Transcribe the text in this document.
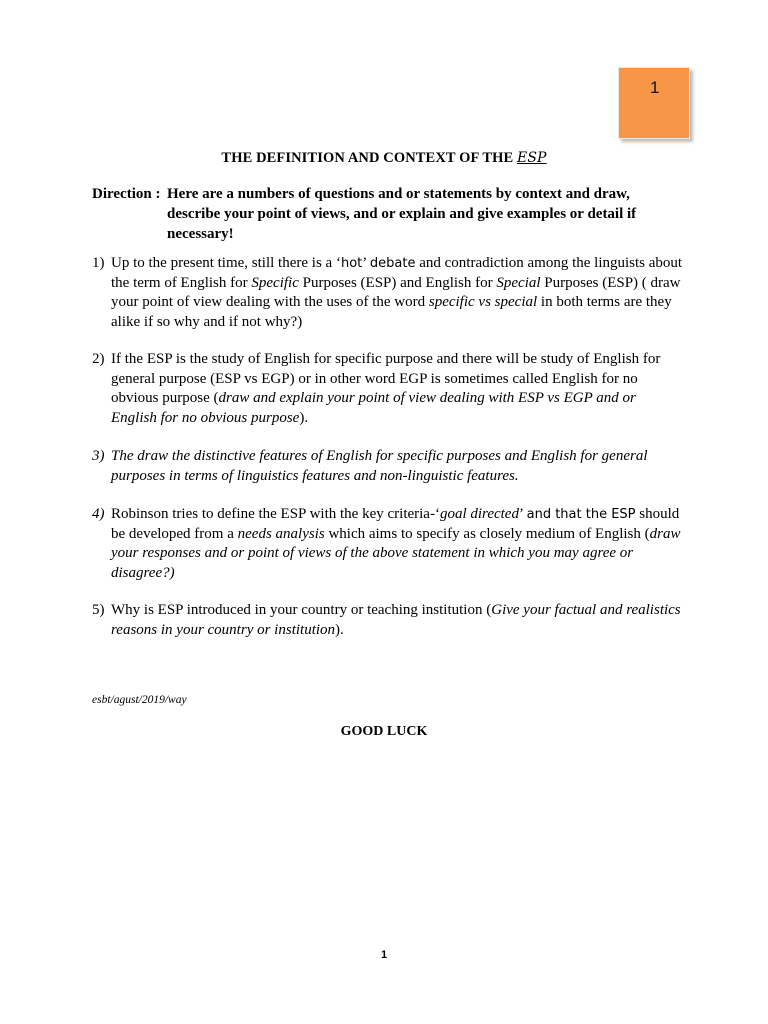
1
THE DEFINITION AND CONTEXT OF THE ESP
Direction : Here are a numbers of questions and or statements by context and draw, describe your point of views, and or explain and give examples or detail if necessary!
1) Up to the present time, still there is a ‘hot’ debate and contradiction among the linguists about the term of English for Specific Purposes (ESP) and English for Special Purposes (ESP) ( draw your point of view dealing with the uses of the word specific vs special in both terms are they alike if so why and if not why?)
2) If the ESP is the study of English for specific purpose and there will be study of English for general purpose (ESP vs EGP) or in other word EGP is sometimes called English for no obvious purpose (draw and explain your point of view dealing with ESP vs EGP and or English for no obvious purpose).
3) The draw the distinctive features of English for specific purposes and English for general purposes in terms of linguistics features and non-linguistic features.
4) Robinson tries to define the ESP with the key criteria-‘goal directed’ and that the ESP should be developed from a needs analysis which aims to specify as closely medium of English (draw your responses and or point of views of the above statement in which you may agree or disagree?)
5) Why is ESP introduced in your country or teaching institution (Give your factual and realistics reasons in your country or institution).
esbt/agust/2019/way
GOOD LUCK
1
